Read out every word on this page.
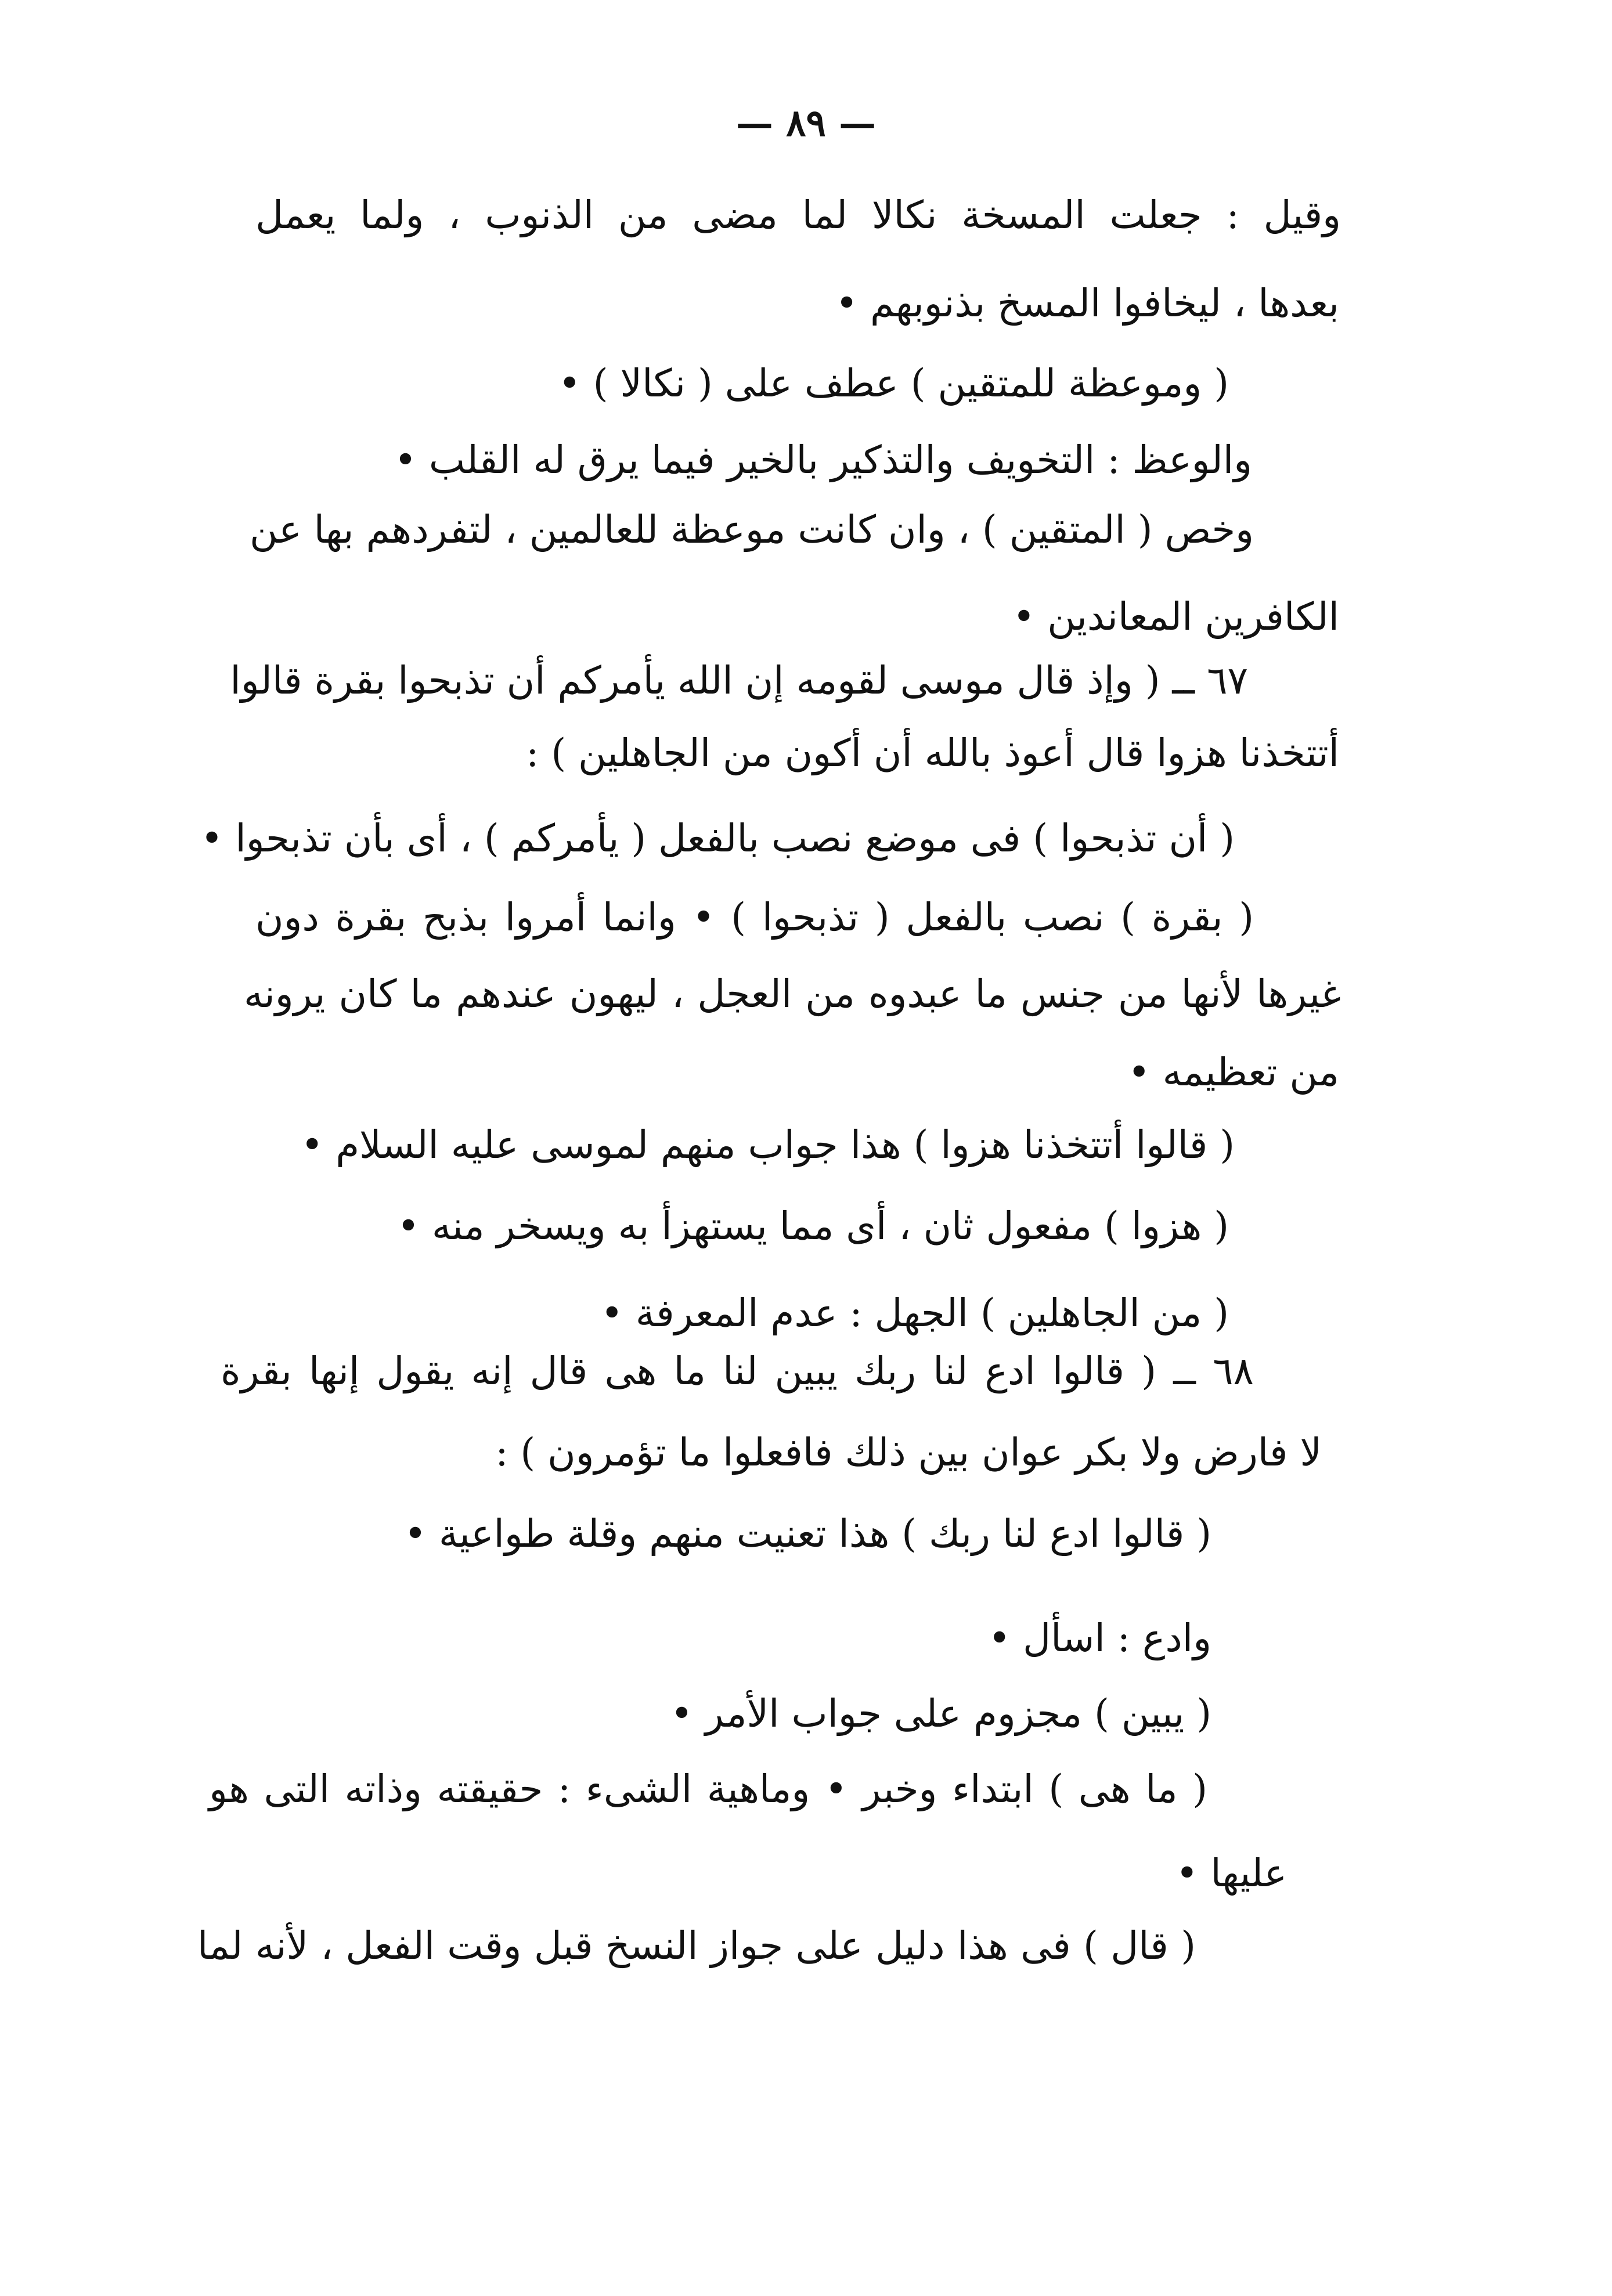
— ٨٩ —
وقيل : جعلت المسخة نكالا لما مضى من الذنوب ، ولما يعمل
بعدها ، ليخافوا المسخ بذنوبهم •
( وموعظة للمتقين ) عطف على ( نكالا ) •
والوعظ : التخويف والتذكير بالخير فيما يرق له القلب •
وخص ( المتقين ) ، وان كانت موعظة للعالمين ، لتفردهم بها عن
الكافرين المعاندين •
٦٧ ــ ( وإذ قال موسى لقومه إن الله يأمركم أن تذبحوا بقرة قالوا
أتتخذنا هزوا قال أعوذ بالله أن أكون من الجاهلين ) :
( أن تذبحوا ) فى موضع نصب بالفعل ( يأمركم ) ، أى بأن تذبحوا •
( بقرة ) نصب بالفعل ( تذبحوا ) • وانما أمروا بذبح بقرة دون
غيرها لأنها من جنس ما عبدوه من العجل ، ليهون عندهم ما كان يرونه
من تعظيمه •
( قالوا أتتخذنا هزوا ) هذا جواب منهم لموسى عليه السلام •
( هزوا ) مفعول ثان ، أى مما يستهزأ به ويسخر منه •
( من الجاهلين ) الجهل : عدم المعرفة •
٦٨ ــ ( قالوا ادع لنا ربك يبين لنا ما هى قال إنه يقول إنها بقرة
لا فارض ولا بكر عوان بين ذلك فافعلوا ما تؤمرون ) :
( قالوا ادع لنا ربك ) هذا تعنيت منهم وقلة طواعية •
وادع : اسأل •
( يبين ) مجزوم على جواب الأمر •
( ما هى ) ابتداء وخبر • وماهية الشىء : حقيقته وذاته التى هو
عليها •
( قال ) فى هذا دليل على جواز النسخ قبل وقت الفعل ، لأنه لما
